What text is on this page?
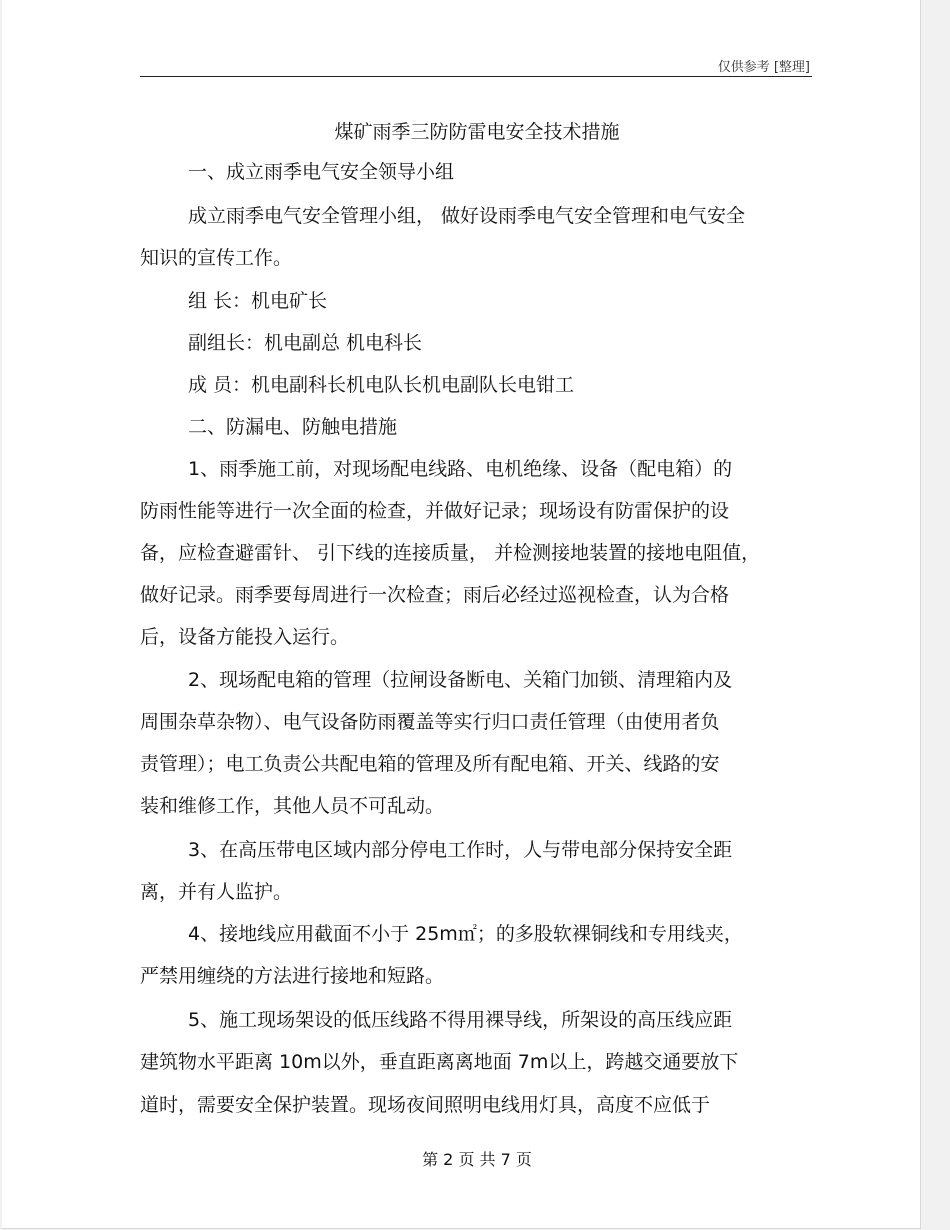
仅供参考 [整理]
煤矿雨季三防防雷电安全技术措施
一、成立雨季电气安全领导小组
成立雨季电气安全管理小组， 做好设雨季电气安全管理和电气安全
知识的宣传工作。
组 长：机电矿长
副组长：机电副总 机电科长
成 员：机电副科长机电队长机电副队长电钳工
二、防漏电、防触电措施
1、雨季施工前，对现场配电线路、电机绝缘、设备（配电箱）的
防雨性能等进行一次全面的检查，并做好记录；现场设有防雷保护的设
备，应检查避雷针、 引下线的连接质量， 并检测接地装置的接地电阻值，
做好记录。雨季要每周进行一次检查；雨后必经过巡视检查，认为合格
后，设备方能投入运行。
2、现场配电箱的管理（拉闸设备断电、关箱门加锁、清理箱内及
周围杂草杂物）、电气设备防雨覆盖等实行归口责任管理（由使用者负
责管理）；电工负责公共配电箱的管理及所有配电箱、开关、线路的安
装和维修工作，其他人员不可乱动。
3、在高压带电区域内部分停电工作时，人与带电部分保持安全距
离，并有人监护。
4、接地线应用截面不小于 25m㎡；的多股软裸铜线和专用线夹，
严禁用缠绕的方法进行接地和短路。
5、施工现场架设的低压线路不得用裸导线，所架设的高压线应距
建筑物水平距离 10m以外，垂直距离离地面 7m以上，跨越交通要放下
道时，需要安全保护装置。现场夜间照明电线用灯具，高度不应低于
第 2 页 共 7 页
